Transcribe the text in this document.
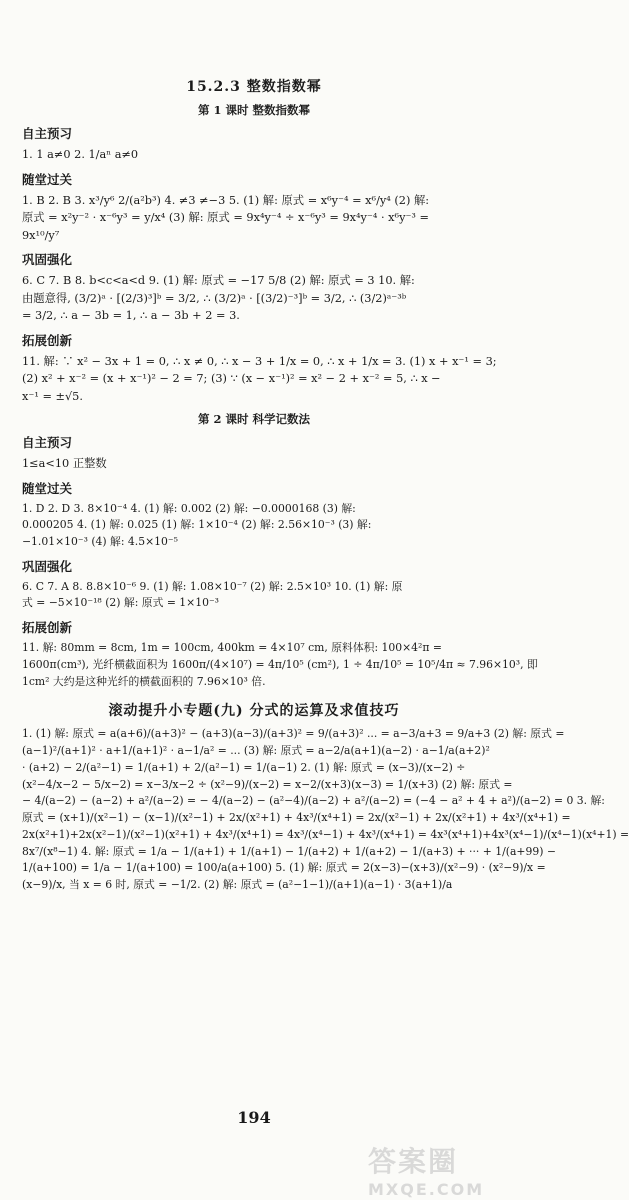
15.2.3 整数指数幂
第 1 课时 整数指数幂
自主预习
1. 1 a≠0 2. 1/aⁿ a≠0
随堂过关
1. B 2. B 3. x³/y⁶ 2/(a²b³) 4. ≠3 ≠−3 5. (1) 解: 原式 = x⁶y⁻⁴ = x⁶/y⁴ (2) 解:
原式 = x²y⁻² · x⁻⁶y³ = y/x⁴ (3) 解: 原式 = 9x⁴y⁻⁴ ÷ x⁻⁶y³ = 9x⁴y⁻⁴ · x⁶y⁻³ =
9x¹⁰/y⁷
巩固强化
6. C 7. B 8. b<c<a<d 9. (1) 解: 原式 = −17 5/8 (2) 解: 原式 = 3 10. 解:
由题意得, (3/2)ᵃ · [(2/3)³]ᵇ = 3/2, ∴ (3/2)ᵃ · [(3/2)⁻³]ᵇ = 3/2, ∴ (3/2)ᵃ⁻³ᵇ
= 3/2, ∴ a − 3b = 1, ∴ a − 3b + 2 = 3.
拓展创新
11. 解: ∵ x² − 3x + 1 = 0, ∴ x ≠ 0, ∴ x − 3 + 1/x = 0, ∴ x + 1/x = 3. (1) x + x⁻¹ = 3;
(2) x² + x⁻² = (x + x⁻¹)² − 2 = 7; (3) ∵ (x − x⁻¹)² = x² − 2 + x⁻² = 5, ∴ x −
x⁻¹ = ±√5.
第 2 课时 科学记数法
自主预习
1≤a<10 正整数
随堂过关
1. D 2. D 3. 8×10⁻⁴ 4. (1) 解: 0.002 (2) 解: −0.0000168 (3) 解:
0.000205 4. (1) 解: 0.025 (1) 解: 1×10⁻⁴ (2) 解: 2.56×10⁻³ (3) 解:
−1.01×10⁻³ (4) 解: 4.5×10⁻⁵
巩固强化
6. C 7. A 8. 8.8×10⁻⁶ 9. (1) 解: 1.08×10⁻⁷ (2) 解: 2.5×10³ 10. (1) 解: 原
式 = −5×10⁻¹⁸ (2) 解: 原式 = 1×10⁻³
拓展创新
11. 解: 80mm = 8cm, 1m = 100cm, 400km = 4×10⁷ cm, 原料体积: 100×4²π =
1600π(cm³), 光纤横截面积为 1600π/(4×10⁷) = 4π/10⁵ (cm²), 1 ÷ 4π/10⁵ = 10⁵/4π ≈ 7.96×10³, 即
1cm² 大约是这种光纤的横截面积的 7.96×10³ 倍.
滚动提升小专题(九) 分式的运算及求值技巧
1. (1) 解: 原式 = a(a+6)/(a+3)² − (a+3)(a−3)/(a+3)² = 9/(a+3)² ... = a−3/a+3 = 9/a+3 (2) 解: 原式 =
(a−1)²/(a+1)² · a+1/(a+1)² · a−1/a² = ... (3) 解: 原式 = a−2/a(a+1)(a−2) · a−1/a(a+2)²
· (a+2) − 2/(a²−1) = 1/(a+1) + 2/(a²−1) = 1/(a−1) 2. (1) 解: 原式 = (x−3)/(x−2) ÷
(x²−4/x−2 − 5/x−2) = x−3/x−2 ÷ (x²−9)/(x−2) = x−2/(x+3)(x−3) = 1/(x+3) (2) 解: 原式 =
− 4/(a−2) − (a−2) + a²/(a−2) = − 4/(a−2) − (a²−4)/(a−2) + a²/(a−2) = (−4 − a² + 4 + a²)/(a−2) = 0 3. 解:
原式 = (x+1)/(x²−1) − (x−1)/(x²−1) + 2x/(x²+1) + 4x³/(x⁴+1) = 2x/(x²−1) + 2x/(x²+1) + 4x³/(x⁴+1) =
2x(x²+1)+2x(x²−1)/(x²−1)(x²+1) + 4x³/(x⁴+1) = 4x³/(x⁴−1) + 4x³/(x⁴+1) = 4x³(x⁴+1)+4x³(x⁴−1)/(x⁴−1)(x⁴+1) =
8x⁷/(x⁸−1) 4. 解: 原式 = 1/a − 1/(a+1) + 1/(a+1) − 1/(a+2) + 1/(a+2) − 1/(a+3) + ··· + 1/(a+99) −
1/(a+100) = 1/a − 1/(a+100) = 100/a(a+100) 5. (1) 解: 原式 = 2(x−3)−(x+3)/(x²−9) · (x²−9)/x =
(x−9)/x, 当 x = 6 时, 原式 = −1/2. (2) 解: 原式 = (a²−1−1)/(a+1)(a−1) · 3(a+1)/a
194
答案圈
MXQE.COM
